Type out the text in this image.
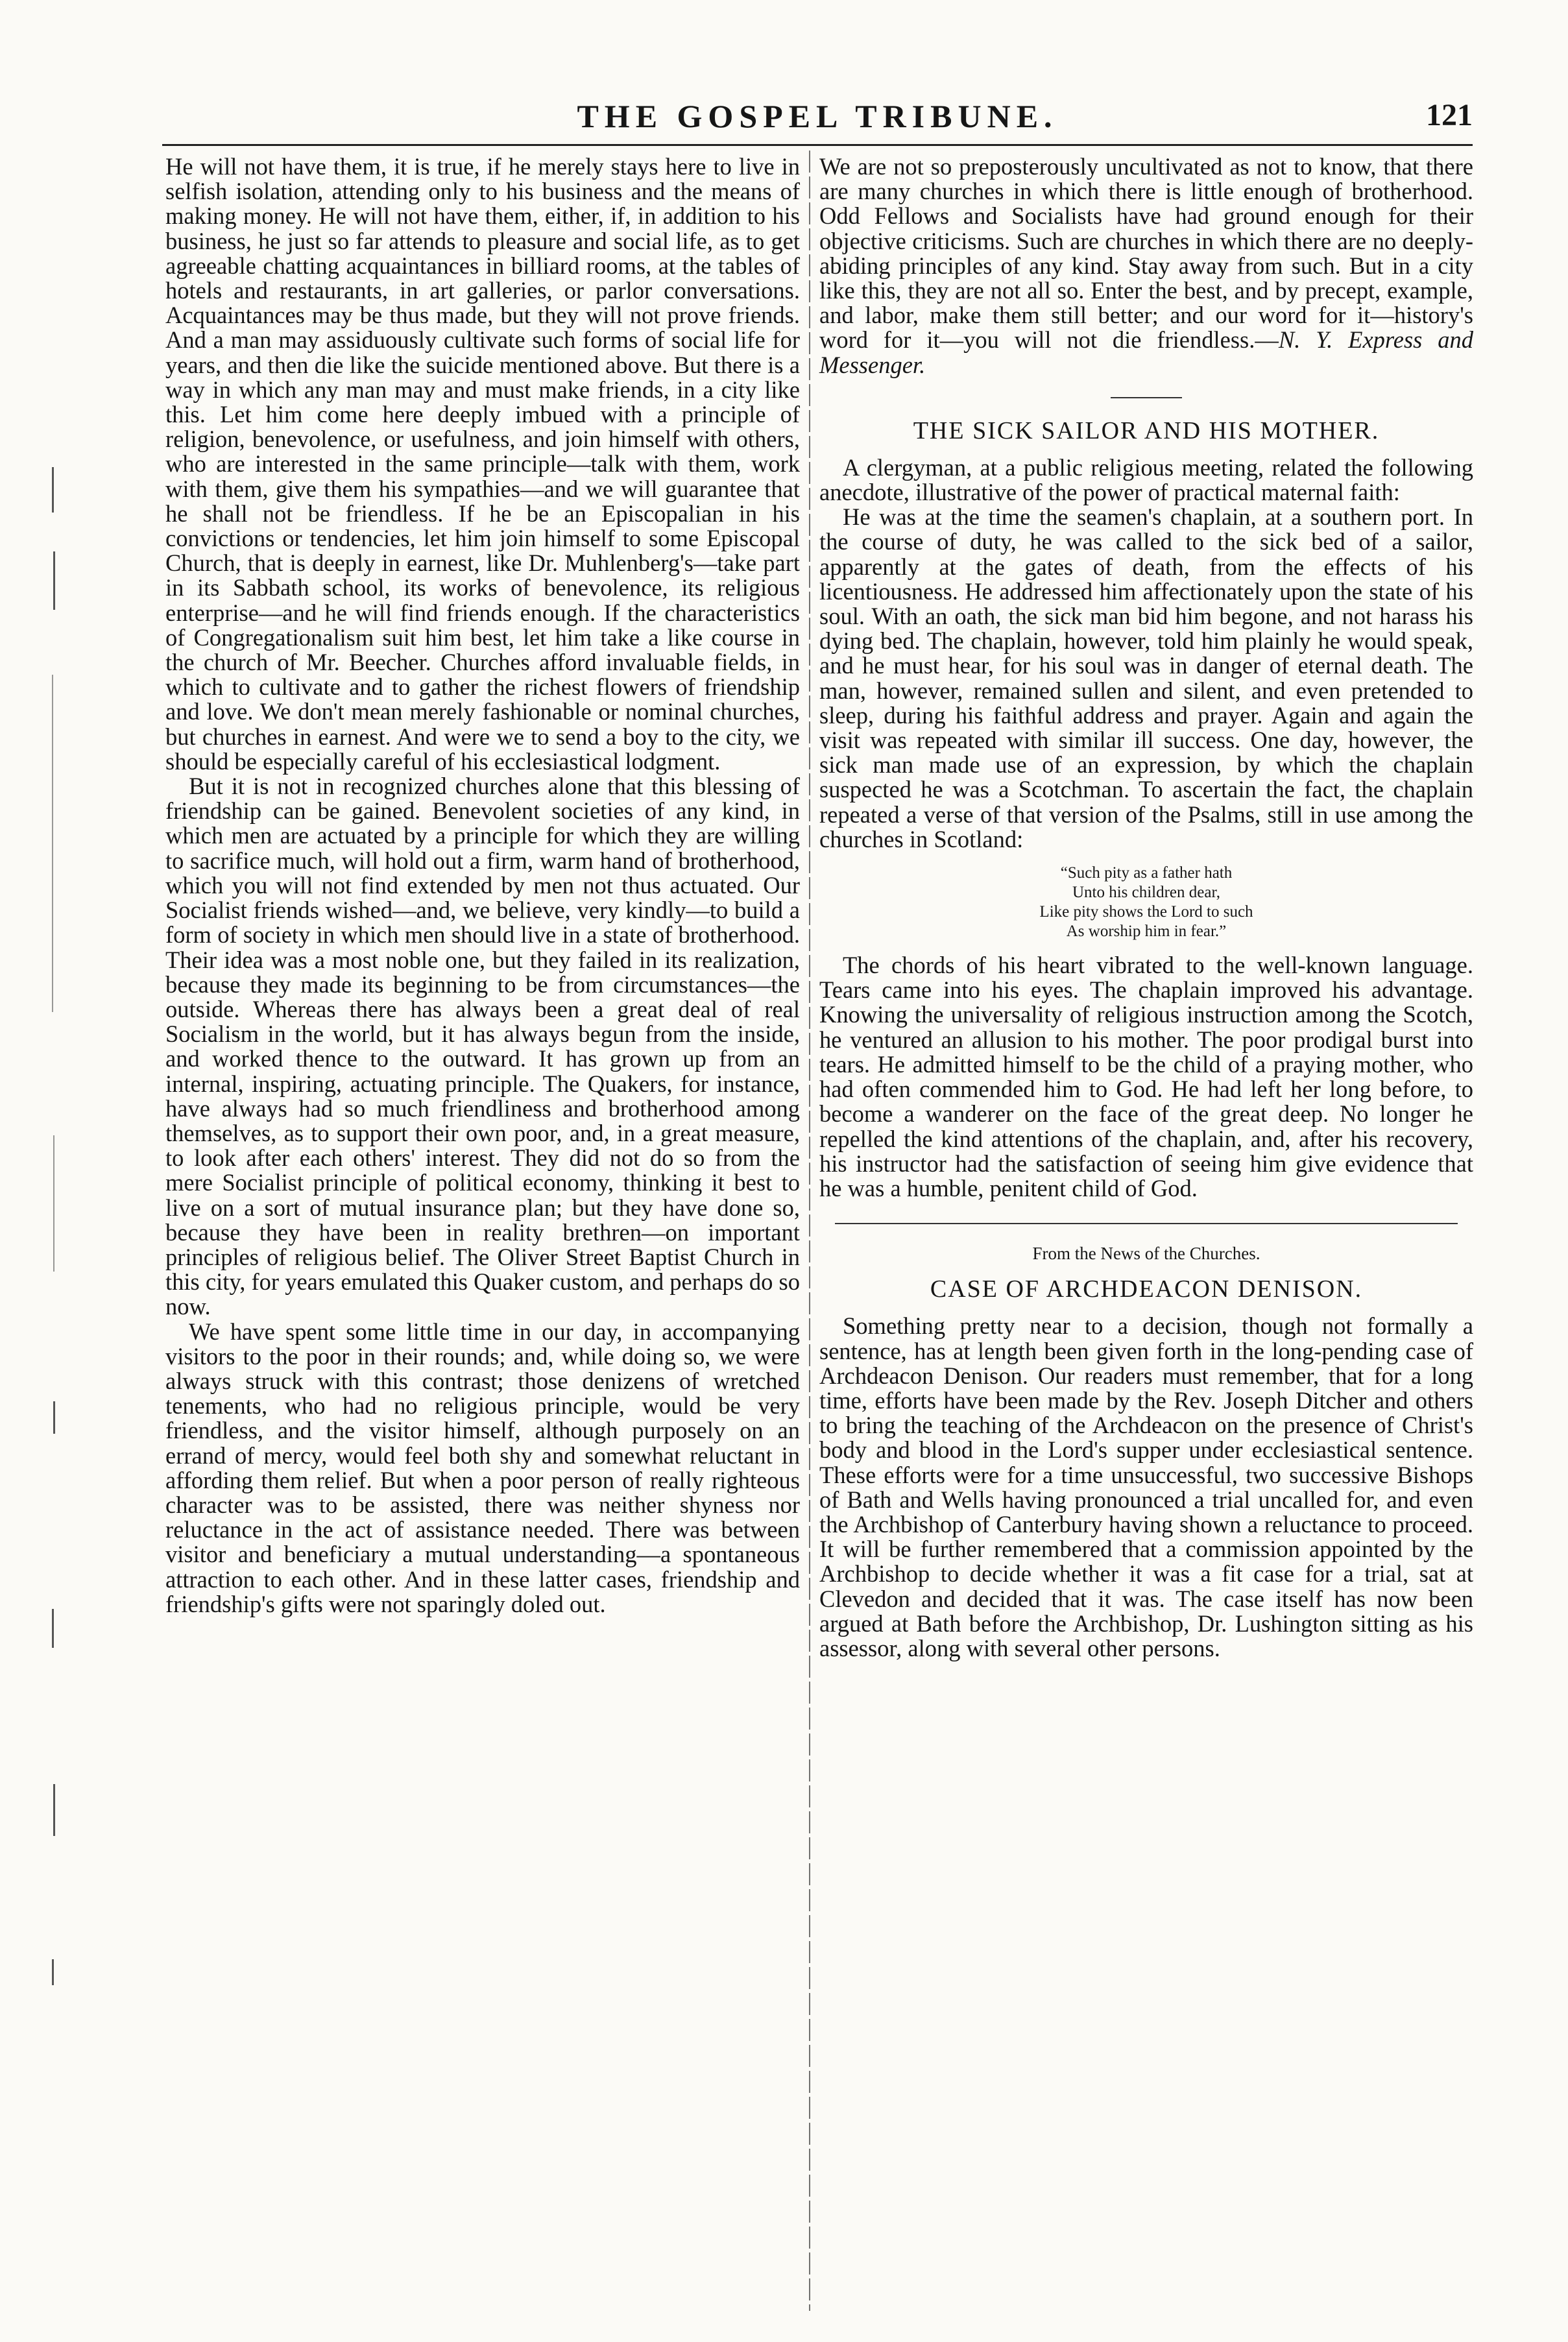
THE GOSPEL TRIBUNE.	121

He will not have them, it is true, if he merely stays here to live in selfish isolation, attending only to his business and the means of making money. He will not have them, either, if, in addition to his business, he just so far attends to pleasure and social life, as to get agreeable chatting acquaintances in billiard rooms, at the tables of hotels and restaurants, in art galleries, or parlor conversations. Acquaintances may be thus made, but they will not prove friends. And a man may assiduously cultivate such forms of social life for years, and then die like the suicide mentioned above. But there is a way in which any man may and must make friends, in a city like this. Let him come here deeply imbued with a principle of religion, benevolence, or usefulness, and join himself with others, who are interested in the same principle—talk with them, work with them, give them his sympathies—and we will guarantee that he shall not be friendless. If he be an Episcopalian in his convictions or tendencies, let him join himself to some Episcopal Church, that is deeply in earnest, like Dr. Muhlenberg's—take part in its Sabbath school, its works of benevolence, its religious enterprise—and he will find friends enough. If the characteristics of Congregationalism suit him best, let him take a like course in the church of Mr. Beecher. Churches afford invaluable fields, in which to cultivate and to gather the richest flowers of friendship and love. We don't mean merely fashionable or nominal churches, but churches in earnest. And were we to send a boy to the city, we should be especially careful of his ecclesiastical lodgment.

But it is not in recognized churches alone that this blessing of friendship can be gained. Benevolent societies of any kind, in which men are actuated by a principle for which they are willing to sacrifice much, will hold out a firm, warm hand of brotherhood, which you will not find extended by men not thus actuated. Our Socialist friends wished—and, we believe, very kindly—to build a form of society in which men should live in a state of brotherhood. Their idea was a most noble one, but they failed in its realization, because they made its beginning to be from circumstances—the outside. Whereas there has always been a great deal of real Socialism in the world, but it has always begun from the inside, and worked thence to the outward. It has grown up from an internal, inspiring, actuating principle. The Quakers, for instance, have always had so much friendliness and brotherhood among themselves, as to support their own poor, and, in a great measure, to look after each others' interest. They did not do so from the mere Socialist principle of political economy, thinking it best to live on a sort of mutual insurance plan; but they have done so, because they have been in reality brethren—on important principles of religious belief. The Oliver Street Baptist Church in this city, for years emulated this Quaker custom, and perhaps do so now.

We have spent some little time in our day, in accompanying visitors to the poor in their rounds; and, while doing so, we were always struck with this contrast; those denizens of wretched tenements, who had no religious principle, would be very friendless, and the visitor himself, although purposely on an errand of mercy, would feel both shy and somewhat reluctant in affording them relief. But when a poor person of really righteous character was to be assisted, there was neither shyness nor reluctance in the act of assistance needed. There was between visitor and beneficiary a mutual understanding—a spontaneous attraction to each other. And in these latter cases, friendship and friendship's gifts were not sparingly doled out.

We are not so preposterously uncultivated as not to know, that there are many churches in which there is little enough of brotherhood. Odd Fellows and Socialists have had ground enough for their objective criticisms. Such are churches in which there are no deeply-abiding principles of any kind. Stay away from such. But in a city like this, they are not all so. Enter the best, and by precept, example, and labor, make them still better; and our word for it—history's word for it—you will not die friendless.—N. Y. Express and Messenger.

THE SICK SAILOR AND HIS MOTHER.

A clergyman, at a public religious meeting, related the following anecdote, illustrative of the power of practical maternal faith:

He was at the time the seamen's chaplain, at a southern port. In the course of duty, he was called to the sick bed of a sailor, apparently at the gates of death, from the effects of his licentiousness. He addressed him affectionately upon the state of his soul. With an oath, the sick man bid him begone, and not harass his dying bed. The chaplain, however, told him plainly he would speak, and he must hear, for his soul was in danger of eternal death. The man, however, remained sullen and silent, and even pretended to sleep, during his faithful address and prayer. Again and again the visit was repeated with similar ill success. One day, however, the sick man made use of an expression, by which the chaplain suspected he was a Scotchman. To ascertain the fact, the chaplain repeated a verse of that version of the Psalms, still in use among the churches in Scotland:

“Such pity as a father hath
Unto his children dear,
Like pity shows the Lord to such
As worship him in fear.”

The chords of his heart vibrated to the well-known language. Tears came into his eyes. The chaplain improved his advantage. Knowing the universality of religious instruction among the Scotch, he ventured an allusion to his mother. The poor prodigal burst into tears. He admitted himself to be the child of a praying mother, who had often commended him to God. He had left her long before, to become a wanderer on the face of the great deep. No longer he repelled the kind attentions of the chaplain, and, after his recovery, his instructor had the satisfaction of seeing him give evidence that he was a humble, penitent child of God.

From the News of the Churches.
CASE OF ARCHDEACON DENISON.

Something pretty near to a decision, though not formally a sentence, has at length been given forth in the long-pending case of Archdeacon Denison. Our readers must remember, that for a long time, efforts have been made by the Rev. Joseph Ditcher and others to bring the teaching of the Archdeacon on the presence of Christ's body and blood in the Lord's supper under ecclesiastical sentence. These efforts were for a time unsuccessful, two successive Bishops of Bath and Wells having pronounced a trial uncalled for, and even the Archbishop of Canterbury having shown a reluctance to proceed. It will be further remembered that a commission appointed by the Archbishop to decide whether it was a fit case for a trial, sat at Clevedon and decided that it was. The case itself has now been argued at Bath before the Archbishop, Dr. Lushington sitting as his assessor, along with several other persons.
